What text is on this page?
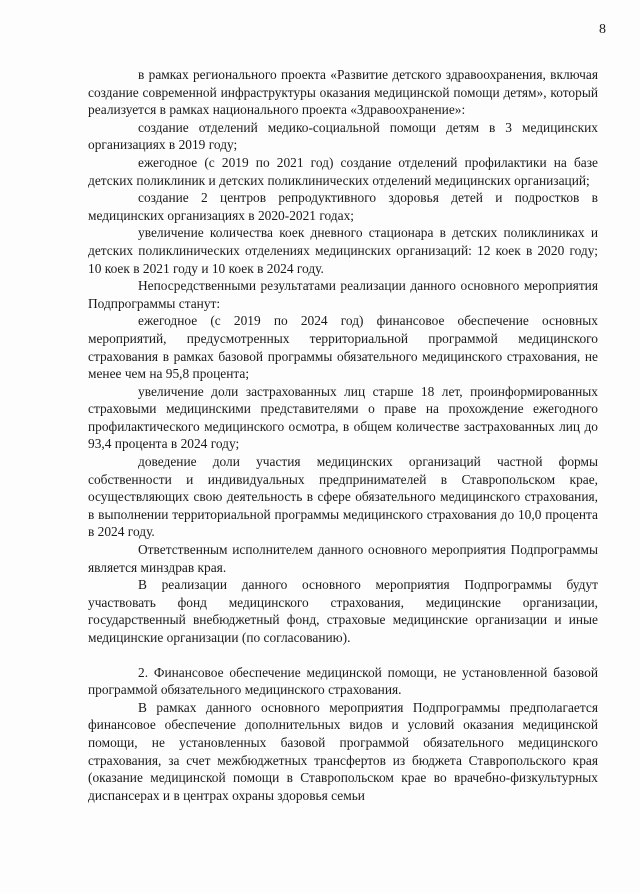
8

в рамках регионального проекта «Развитие детского здравоохранения, включая создание современной инфраструктуры оказания медицинской помощи детям», который реализуется в рамках национального проекта «Здравоохранение»:

создание отделений медико-социальной помощи детям в 3 медицинских организациях в 2019 году;

ежегодное (с 2019 по 2021 год) создание отделений профилактики на базе детских поликлиник и детских поликлинических отделений медицинских организаций;

создание 2 центров репродуктивного здоровья детей и подростков в медицинских организациях в 2020-2021 годах;

увеличение количества коек дневного стационара в детских поликлиниках и детских поликлинических отделениях медицинских организаций: 12 коек в 2020 году; 10 коек в 2021 году и 10 коек в 2024 году.

Непосредственными результатами реализации данного основного мероприятия Подпрограммы станут:

ежегодное (с 2019 по 2024 год) финансовое обеспечение основных мероприятий, предусмотренных территориальной программой медицинского страхования в рамках базовой программы обязательного медицинского страхования, не менее чем на 95,8 процента;

увеличение доли застрахованных лиц старше 18 лет, проинформированных страховыми медицинскими представителями о праве на прохождение ежегодного профилактического медицинского осмотра, в общем количестве застрахованных лиц до 93,4 процента в 2024 году;

доведение доли участия медицинских организаций частной формы собственности и индивидуальных предпринимателей в Ставропольском крае, осуществляющих свою деятельность в сфере обязательного медицинского страхования, в выполнении территориальной программы медицинского страхования до 10,0 процента в 2024 году.

Ответственным исполнителем данного основного мероприятия Подпрограммы является минздрав края.

В реализации данного основного мероприятия Подпрограммы будут участвовать фонд медицинского страхования, медицинские организации, государственный внебюджетный фонд, страховые медицинские организации и иные медицинские организации (по согласованию).

2. Финансовое обеспечение медицинской помощи, не установленной базовой программой обязательного медицинского страхования.

В рамках данного основного мероприятия Подпрограммы предполагается финансовое обеспечение дополнительных видов и условий оказания медицинской помощи, не установленных базовой программой обязательного медицинского страхования, за счет межбюджетных трансфертов из бюджета Ставропольского края (оказание медицинской помощи в Ставропольском крае во врачебно-физкультурных диспансерах и в центрах охраны здоровья семьи
